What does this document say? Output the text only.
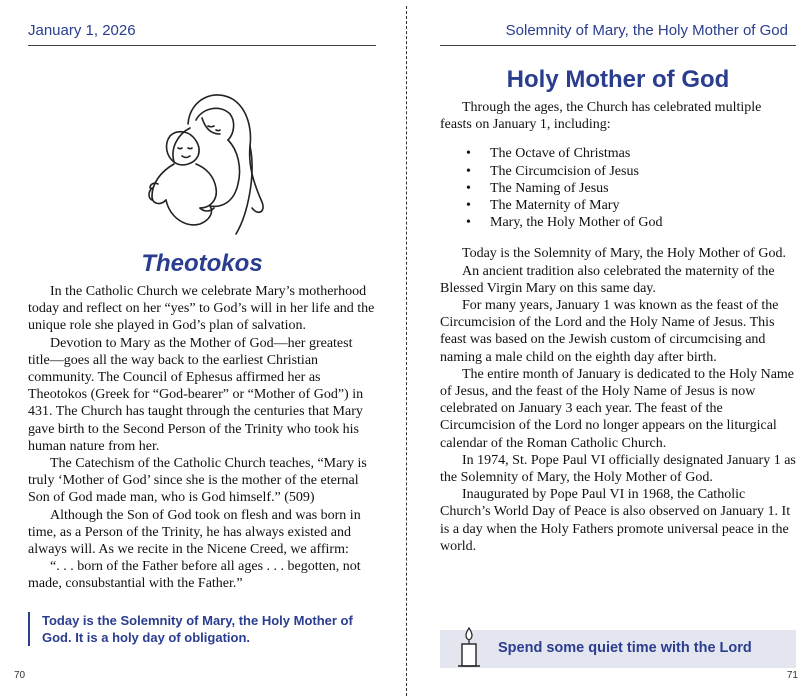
January 1, 2026
Theotokos

In the Catholic Church we celebrate Mary’s motherhood today and reflect on her “yes” to God’s will in her life and the unique role she played in God’s plan of salvation.

Devotion to Mary as the Mother of God—her greatest title—goes all the way back to the earliest Christian community. The Council of Ephesus affirmed her as Theotokos (Greek for “God-bearer” or “Mother of God”) in 431. The Church has taught through the centuries that Mary gave birth to the Second Person of the Trinity who took his human nature from her.

The Catechism of the Catholic Church teaches, “Mary is truly ‘Mother of God’ since she is the mother of the eternal Son of God made man, who is God himself.” (509)

Although the Son of God took on flesh and was born in time, as a Person of the Trinity, he has always existed and always will. As we recite in the Nicene Creed, we affirm:

“. . . born of the Father before all ages . . . begotten, not made, consubstantial with the Father.”

Today is the Solemnity of Mary, the Holy Mother of God. It is a holy day of obligation.
70
Solemnity of Mary, the Holy Mother of God
Holy Mother of God

Through the ages, the Church has celebrated multiple feasts on January 1, including:

• The Octave of Christmas
• The Circumcision of Jesus
• The Naming of Jesus
• The Maternity of Mary
• Mary, the Holy Mother of God

Today is the Solemnity of Mary, the Holy Mother of God.

An ancient tradition also celebrated the maternity of the Blessed Virgin Mary on this same day.

For many years, January 1 was known as the feast of the Circumcision of the Lord and the Holy Name of Jesus. This feast was based on the Jewish custom of circumcising and naming a male child on the eighth day after birth.

The entire month of January is dedicated to the Holy Name of Jesus, and the feast of the Holy Name of Jesus is now celebrated on January 3 each year. The feast of the Circumcision of the Lord no longer appears on the liturgical calendar of the Roman Catholic Church.

In 1974, St. Pope Paul VI officially designated January 1 as the Solemnity of Mary, the Holy Mother of God.

Inaugurated by Pope Paul VI in 1968, the Catholic Church’s World Day of Peace is also observed on January 1. It is a day when the Holy Fathers promote universal peace in the world.

Spend some quiet time with the Lord
71
